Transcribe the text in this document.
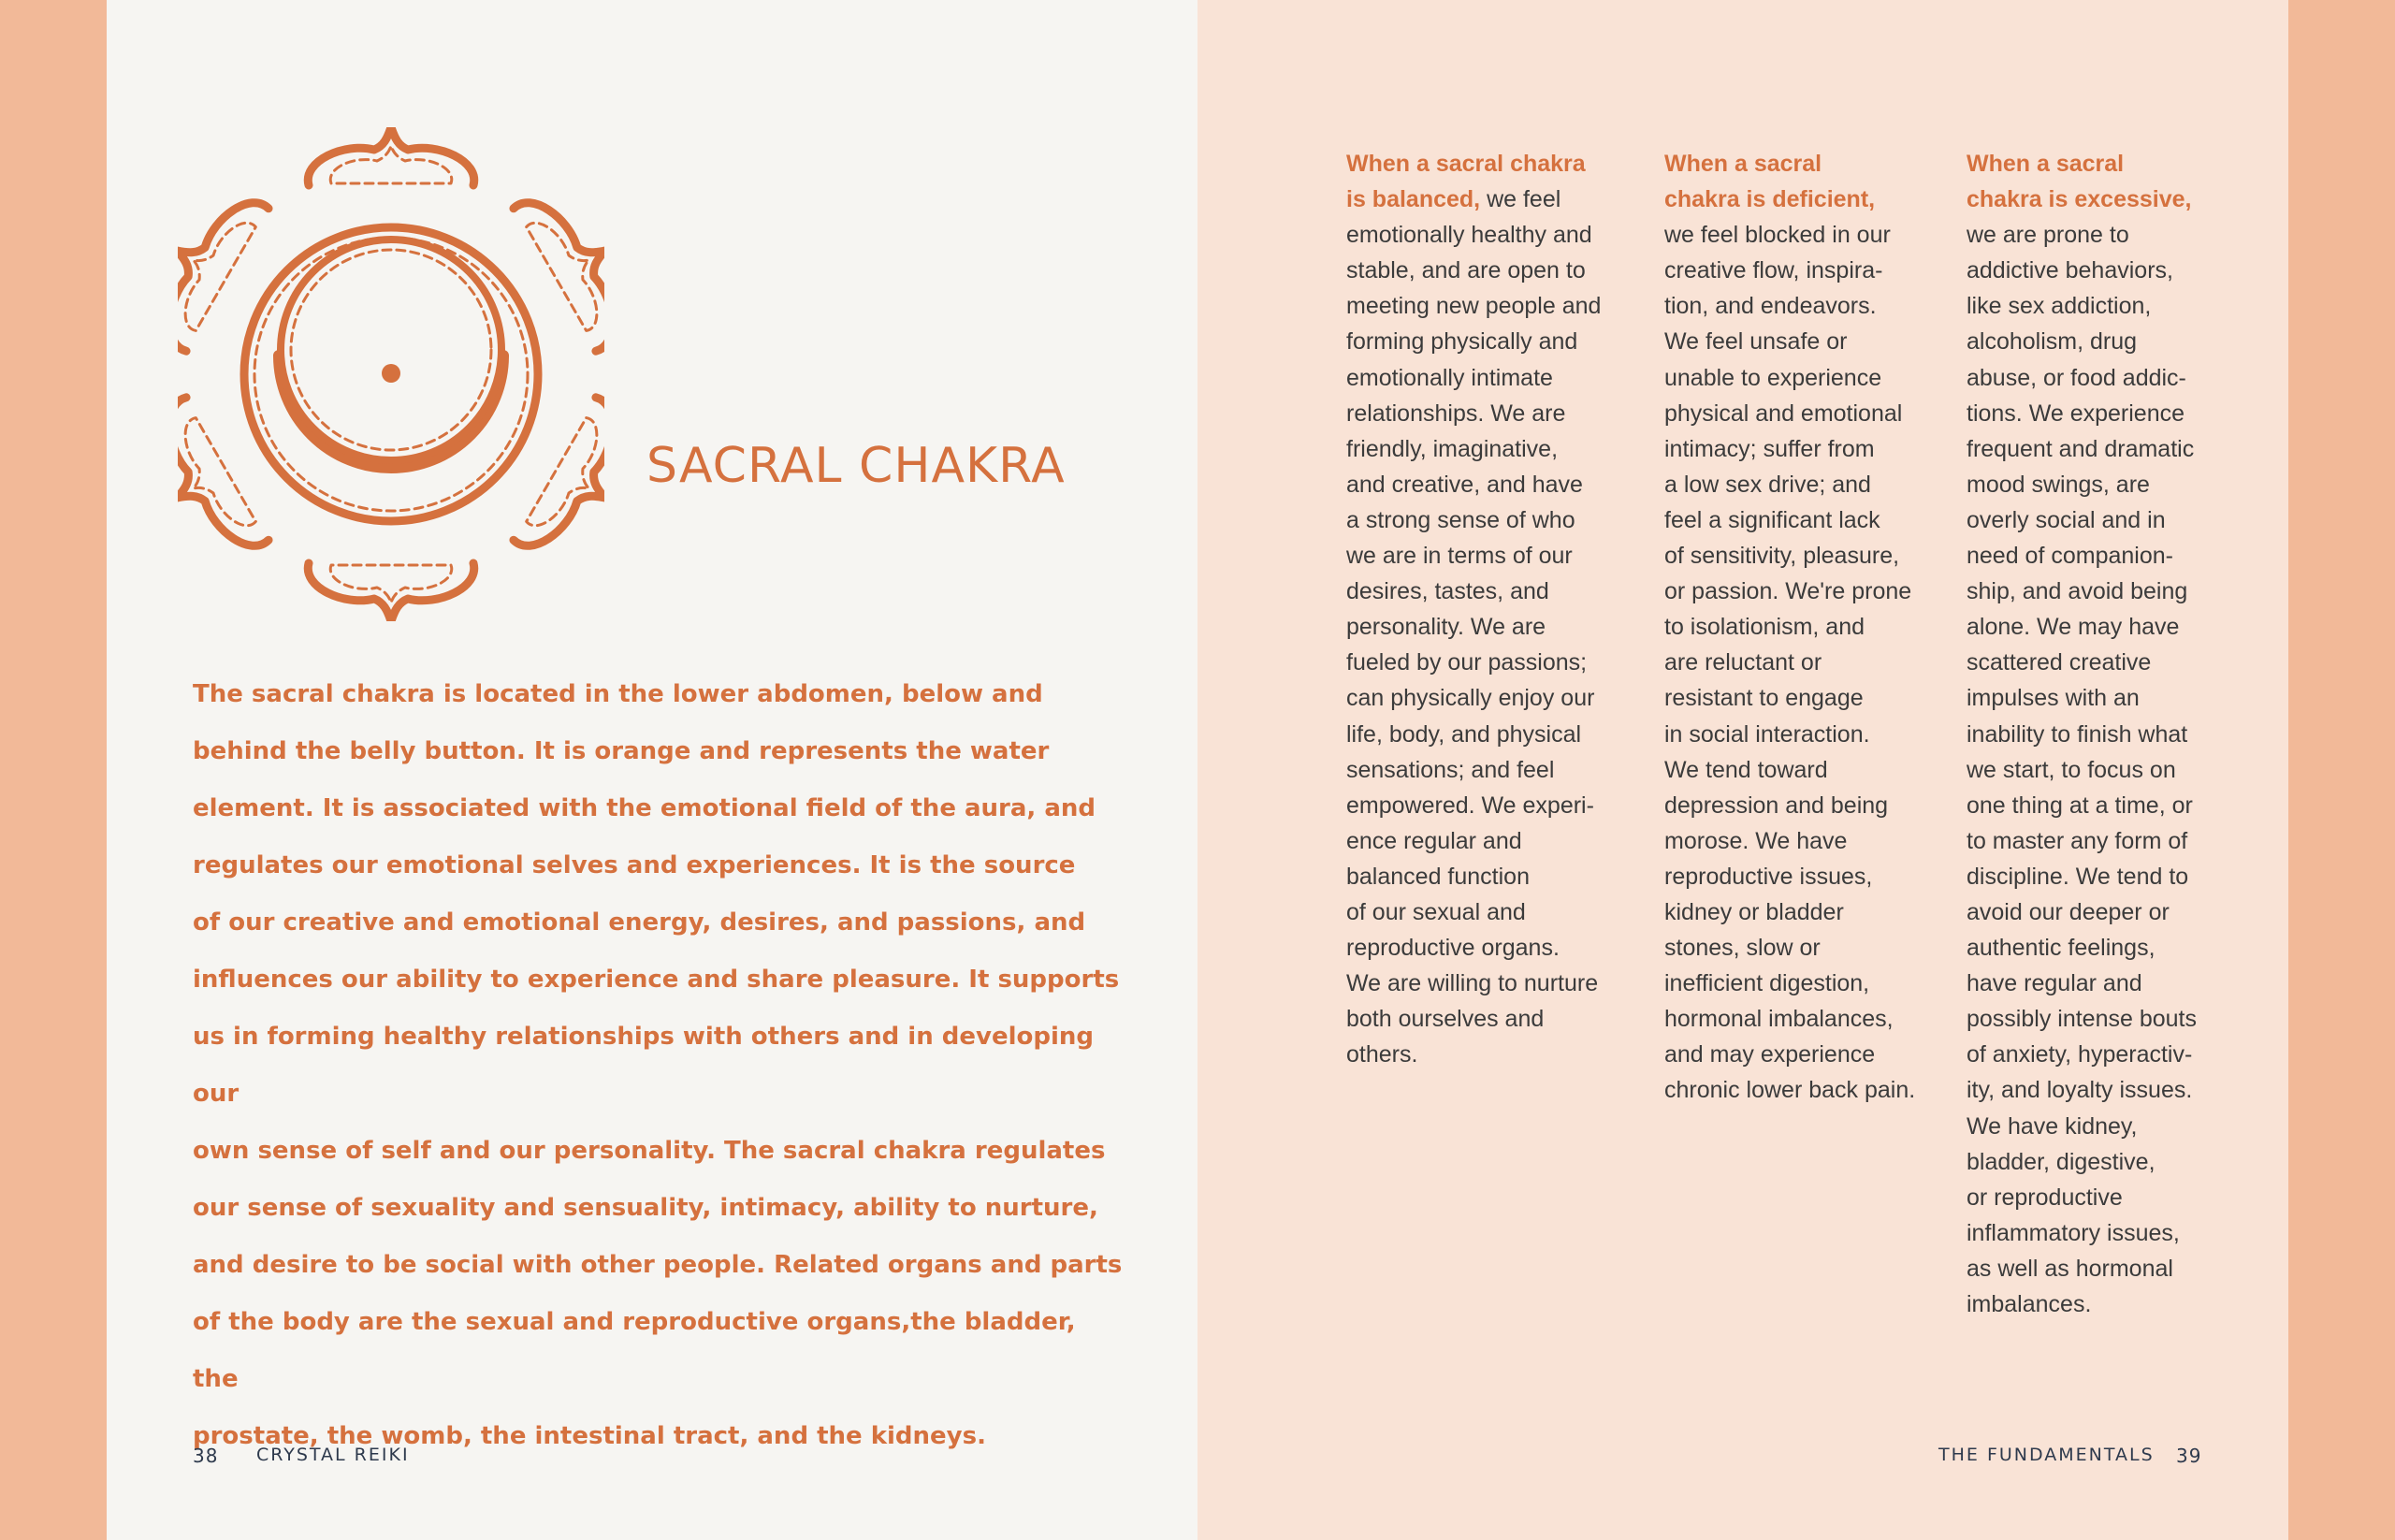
SACRAL CHAKRA

The sacral chakra is located in the lower abdomen, below and
behind the belly button. It is orange and represents the water
element. It is associated with the emotional field of the aura, and
regulates our emotional selves and experiences. It is the source
of our creative and emotional energy, desires, and passions, and
influences our ability to experience and share pleasure. It supports
us in forming healthy relationships with others and in developing our
own sense of self and our personality. The sacral chakra regulates
our sense of sexuality and sensuality, intimacy, ability to nurture,
and desire to be social with other people. Related organs and parts
of the body are the sexual and reproductive organs,the bladder, the
prostate, the womb, the intestinal tract, and the kidneys.

38 CRYSTAL REIKI

When a sacral chakra
is balanced, we feel
emotionally healthy and
stable, and are open to
meeting new people and
forming physically and
emotionally intimate
relationships. We are
friendly, imaginative,
and creative, and have
a strong sense of who
we are in terms of our
desires, tastes, and
personality. We are
fueled by our passions;
can physically enjoy our
life, body, and physical
sensations; and feel
empowered. We experi-
ence regular and
balanced function
of our sexual and
reproductive organs.
We are willing to nurture
both ourselves and
others.

When a sacral
chakra is deficient,
we feel blocked in our
creative flow, inspira-
tion, and endeavors.
We feel unsafe or
unable to experience
physical and emotional
intimacy; suffer from
a low sex drive; and
feel a significant lack
of sensitivity, pleasure,
or passion. We're prone
to isolationism, and
are reluctant or
resistant to engage
in social interaction.
We tend toward
depression and being
morose. We have
reproductive issues,
kidney or bladder
stones, slow or
inefficient digestion,
hormonal imbalances,
and may experience
chronic lower back pain.

When a sacral
chakra is excessive,
we are prone to
addictive behaviors,
like sex addiction,
alcoholism, drug
abuse, or food addic-
tions. We experience
frequent and dramatic
mood swings, are
overly social and in
need of companion-
ship, and avoid being
alone. We may have
scattered creative
impulses with an
inability to finish what
we start, to focus on
one thing at a time, or
to master any form of
discipline. We tend to
avoid our deeper or
authentic feelings,
have regular and
possibly intense bouts
of anxiety, hyperactiv-
ity, and loyalty issues.
We have kidney,
bladder, digestive,
or reproductive
inflammatory issues,
as well as hormonal
imbalances.

THE FUNDAMENTALS 39
